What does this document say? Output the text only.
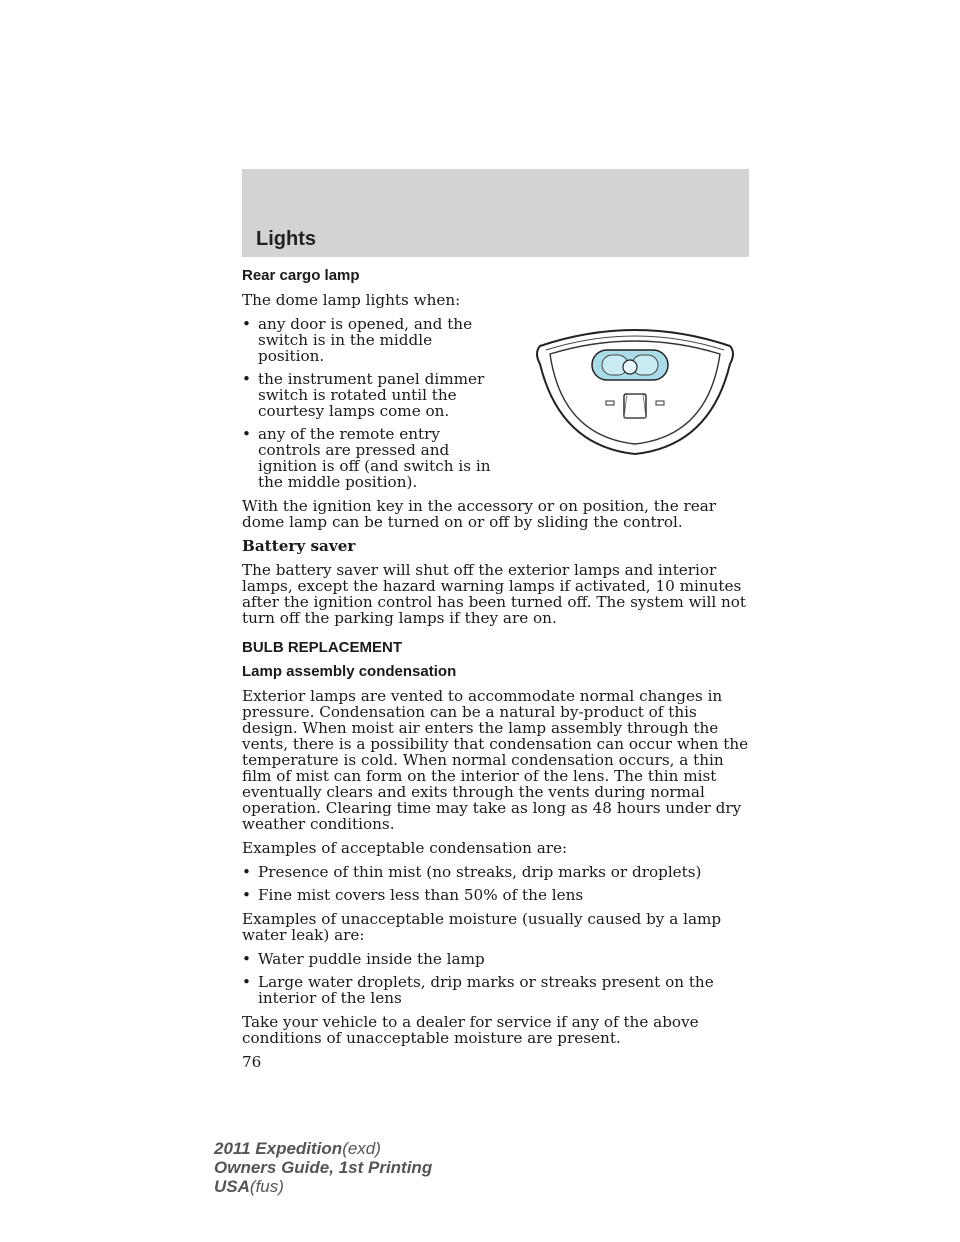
Lights
Rear cargo lamp

The dome lamp lights when:

• any door is opened, and the switch is in the middle position.
• the instrument panel dimmer switch is rotated until the courtesy lamps come on.
• any of the remote entry controls are pressed and ignition is off (and switch is in the middle position).

With the ignition key in the accessory or on position, the rear dome lamp can be turned on or off by sliding the control.

Battery saver

The battery saver will shut off the exterior lamps and interior lamps, except the hazard warning lamps if activated, 10 minutes after the ignition control has been turned off. The system will not turn off the parking lamps if they are on.

BULB REPLACEMENT
Lamp assembly condensation

Exterior lamps are vented to accommodate normal changes in pressure. Condensation can be a natural by-product of this design. When moist air enters the lamp assembly through the vents, there is a possibility that condensation can occur when the temperature is cold. When normal condensation occurs, a thin film of mist can form on the interior of the lens. The thin mist eventually clears and exits through the vents during normal operation. Clearing time may take as long as 48 hours under dry weather conditions.

Examples of acceptable condensation are:

• Presence of thin mist (no streaks, drip marks or droplets)
• Fine mist covers less than 50% of the lens

Examples of unacceptable moisture (usually caused by a lamp water leak) are:

• Water puddle inside the lamp
• Large water droplets, drip marks or streaks present on the interior of the lens

Take your vehicle to a dealer for service if any of the above conditions of unacceptable moisture are present.

76
2011 Expedition(exd)
Owners Guide, 1st Printing
USA(fus)
